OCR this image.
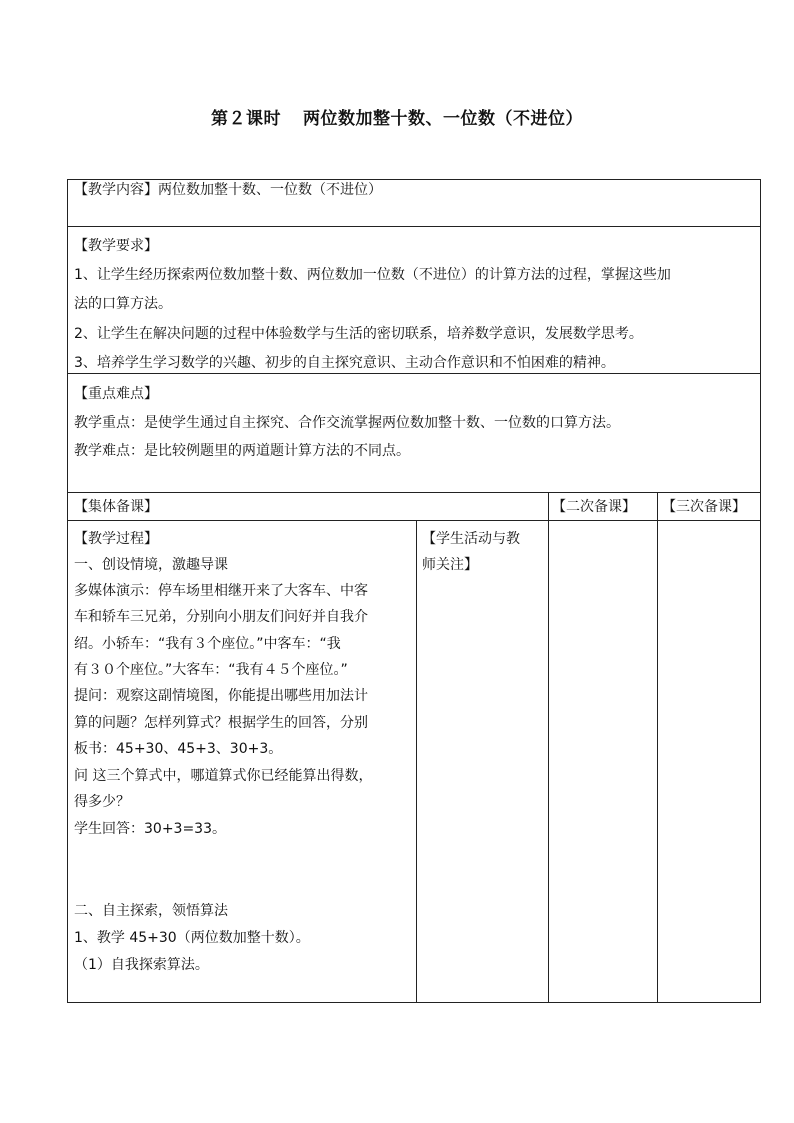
第２课时 两位数加整十数、一位数（不进位）
【教学内容】两位数加整十数、一位数（不进位）
【教学要求】
1、让学生经历探索两位数加整十数、两位数加一位数（不进位）的计算方法的过程，掌握这些加
法的口算方法。
2、让学生在解决问题的过程中体验数学与生活的密切联系，培养数学意识，发展数学思考。
3、培养学生学习数学的兴趣、初步的自主探究意识、主动合作意识和不怕困难的精神。
【重点难点】
教学重点：是使学生通过自主探究、合作交流掌握两位数加整十数、一位数的口算方法。
教学难点：是比较例题里的两道题计算方法的不同点。
【集体备课】	【二次备课】 【三次备课】
【教学过程】
一、创设情境，激趣导课
多媒体演示：停车场里相继开来了大客车、中客
车和轿车三兄弟，分别向小朋友们问好并自我介
绍。小轿车：“我有３个座位。”中客车：“我
有３０个座位。”大客车：“我有４５个座位。”
提问：观察这副情境图，你能提出哪些用加法计
算的问题？怎样列算式？根据学生的回答，分别
板书：45+30、45+3、30+3。
问 这三个算式中，哪道算式你已经能算出得数，
得多少？
学生回答：30+3=33。
二、自主探索，领悟算法
1、教学 45+30（两位数加整十数）。
（1）自我探索算法。
【学生活动与教
师关注】
